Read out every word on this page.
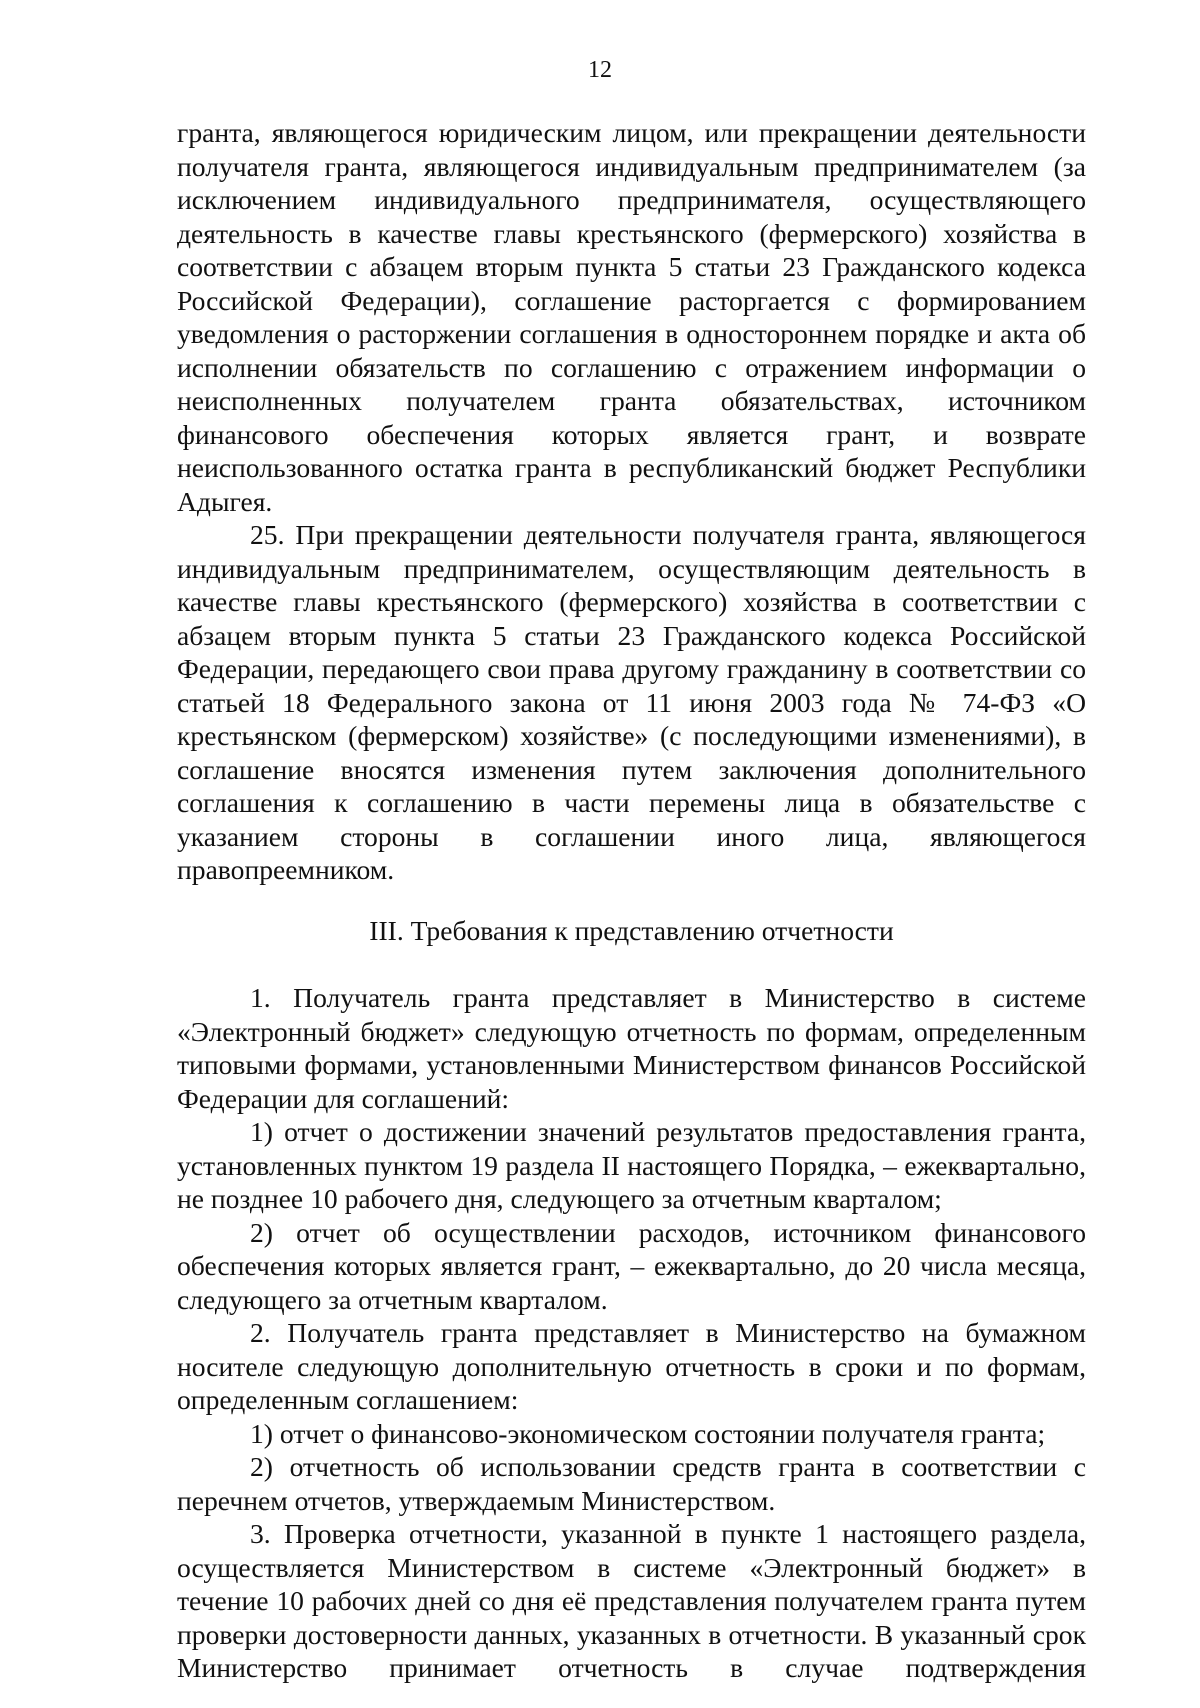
12

гранта, являющегося юридическим лицом, или прекращении деятельности получателя гранта, являющегося индивидуальным предпринимателем (за исключением индивидуального предпринимателя, осуществляющего деятельность в качестве главы крестьянского (фермерского) хозяйства в соответствии с абзацем вторым пункта 5 статьи 23 Гражданского кодекса Российской Федерации), соглашение расторгается с формированием уведомления о расторжении соглашения в одностороннем порядке и акта об исполнении обязательств по соглашению с отражением информации о неисполненных получателем гранта обязательствах, источником финансового обеспечения которых является грант, и возврате неиспользованного остатка гранта в республиканский бюджет Республики Адыгея.

25. При прекращении деятельности получателя гранта, являющегося индивидуальным предпринимателем, осуществляющим деятельность в качестве главы крестьянского (фермерского) хозяйства в соответствии с абзацем вторым пункта 5 статьи 23 Гражданского кодекса Российской Федерации, передающего свои права другому гражданину в соответствии со статьей 18 Федерального закона от 11 июня 2003 года № 74-ФЗ «О крестьянском (фермерском) хозяйстве» (с последующими изменениями), в соглашение вносятся изменения путем заключения дополнительного соглашения к соглашению в части перемены лица в обязательстве с указанием стороны в соглашении иного лица, являющегося правопреемником.

III. Требования к представлению отчетности

1. Получатель гранта представляет в Министерство в системе «Электронный бюджет» следующую отчетность по формам, определенным типовыми формами, установленными Министерством финансов Российской Федерации для соглашений:

1) отчет о достижении значений результатов предоставления гранта, установленных пунктом 19 раздела II настоящего Порядка, – ежеквартально, не позднее 10 рабочего дня, следующего за отчетным кварталом;

2) отчет об осуществлении расходов, источником финансового обеспечения которых является грант, – ежеквартально, до 20 числа месяца, следующего за отчетным кварталом.

2. Получатель гранта представляет в Министерство на бумажном носителе следующую дополнительную отчетность в сроки и по формам, определенным соглашением:

1) отчет о финансово-экономическом состоянии получателя гранта;

2) отчетность об использовании средств гранта в соответствии с перечнем отчетов, утверждаемым Министерством.

3. Проверка отчетности, указанной в пункте 1 настоящего раздела, осуществляется Министерством в системе «Электронный бюджет» в течение 10 рабочих дней со дня её представления получателем гранта путем проверки достоверности данных, указанных в отчетности. В указанный срок Министерство принимает отчетность в случае подтверждения
